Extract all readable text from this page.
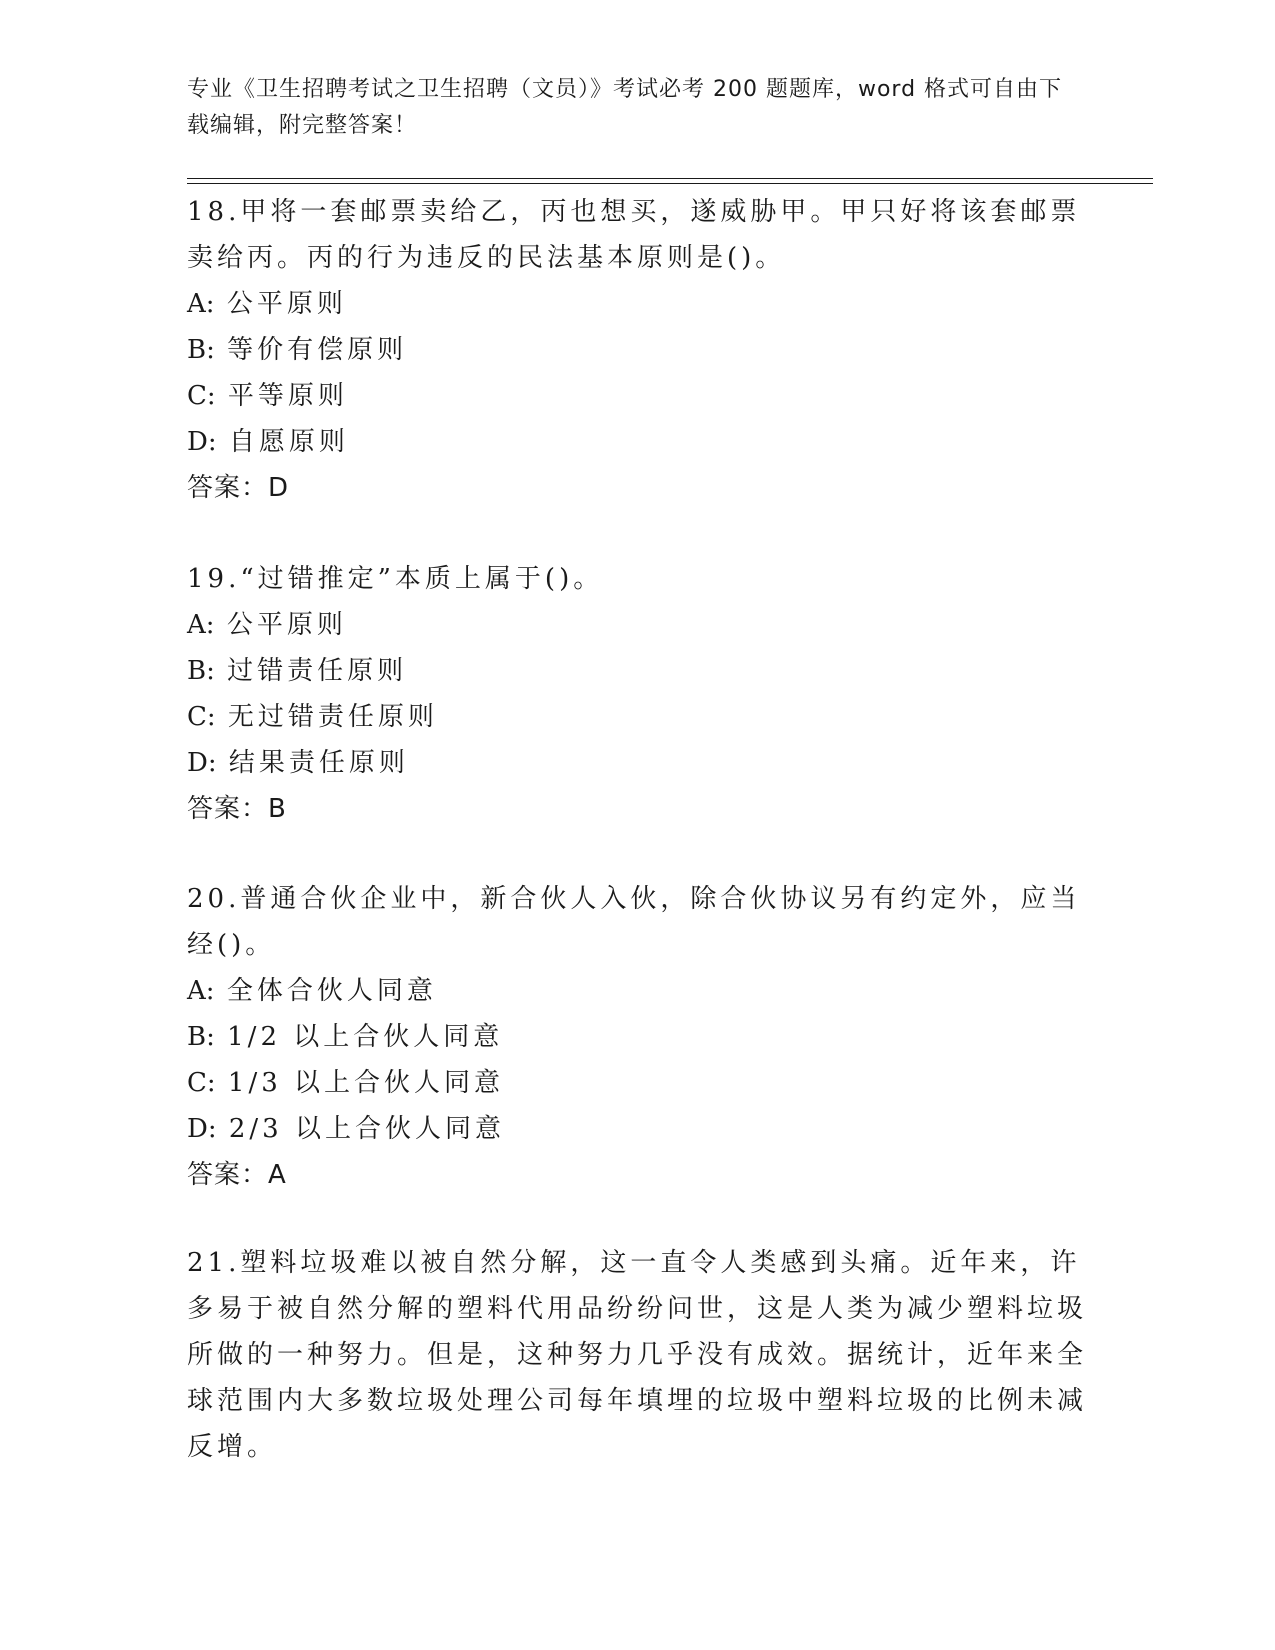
专业《卫生招聘考试之卫生招聘（文员）》考试必考 200 题题库，word 格式可自由下载编辑，附完整答案！

18.甲将一套邮票卖给乙，丙也想买，遂威胁甲。甲只好将该套邮票卖给丙。丙的行为违反的民法基本原则是()。

A: 公平原则
B: 等价有偿原则
C: 平等原则
D: 自愿原则

答案：D

19.“过错推定”本质上属于()。

A: 公平原则
B: 过错责任原则
C: 无过错责任原则
D: 结果责任原则

答案：B

20.普通合伙企业中，新合伙人入伙，除合伙协议另有约定外，应当经()。

A: 全体合伙人同意
B: 1/2 以上合伙人同意
C: 1/3 以上合伙人同意
D: 2/3 以上合伙人同意

答案：A

21.塑料垃圾难以被自然分解，这一直令人类感到头痛。近年来，许多易于被自然分解的塑料代用品纷纷问世，这是人类为减少塑料垃圾所做的一种努力。但是，这种努力几乎没有成效。据统计，近年来全球范围内大多数垃圾处理公司每年填埋的垃圾中塑料垃圾的比例未减反增。
